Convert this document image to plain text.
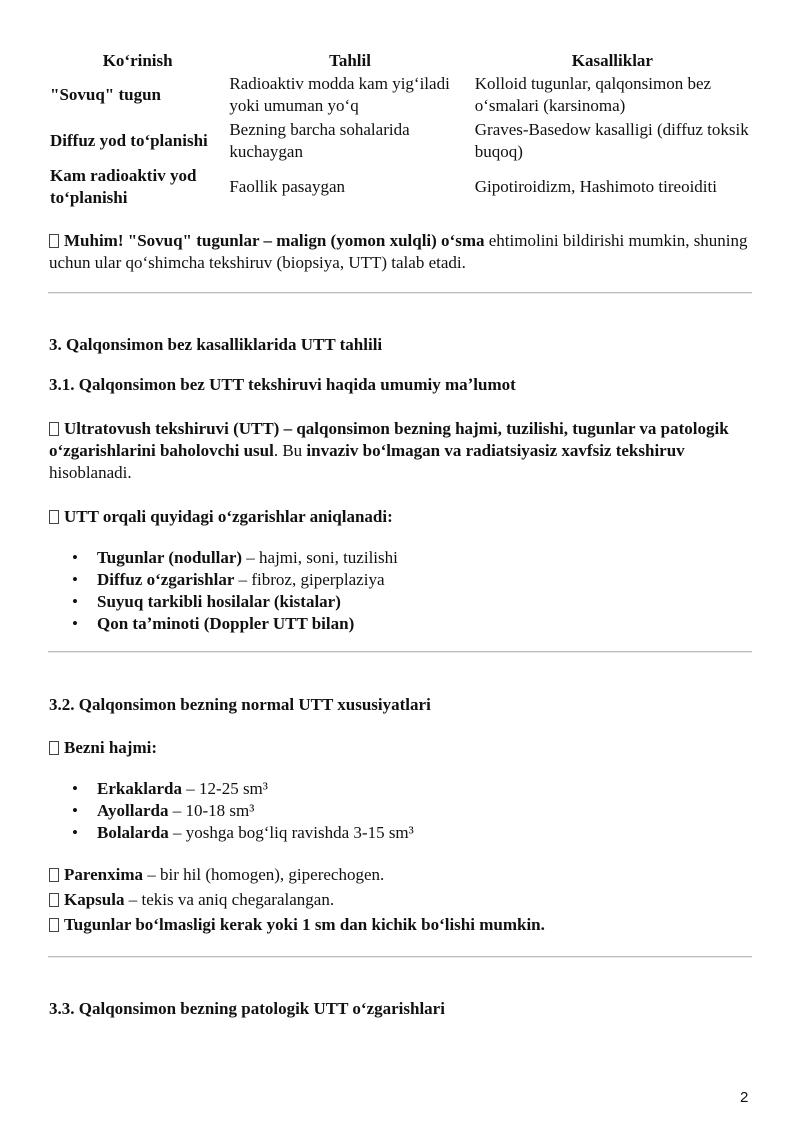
Koʻrinish	Tahlil	Kasalliklar
"Sovuq" tugun	Radioaktiv modda kam yigʻiladi yoki umuman yoʻq	Kolloid tugunlar, qalqonsimon bez oʻsmalari (karsinoma)
Diffuz yod toʻplanishi	Bezning barcha sohalarida kuchaygan	Graves-Basedow kasalligi (diffuz toksik buqoq)
Kam radioaktiv yod toʻplanishi	Faollik pasaygan	Gipotiroidizm, Hashimoto tireoiditi
Muhim! "Sovuq" tugunlar – malign (yomon xulqli) oʻsma ehtimolini bildirishi mumkin, shuning uchun ular qoʻshimcha tekshiruv (biopsiya, UTT) talab etadi.
3. Qalqonsimon bez kasalliklarida UTT tahlili
3.1. Qalqonsimon bez UTT tekshiruvi haqida umumiy maʼlumot
Ultratovush tekshiruvi (UTT) – qalqonsimon bezning hajmi, tuzilishi, tugunlar va patologik oʻzgarishlarini baholovchi usul. Bu invaziv boʻlmagan va radiatsiyasiz xavfsiz tekshiruv hisoblanadi.
UTT orqali quyidagi oʻzgarishlar aniqlanadi:
• Tugunlar (nodullar) – hajmi, soni, tuzilishi
• Diffuz oʻzgarishlar – fibroz, giperplaziya
• Suyuq tarkibli hosilalar (kistalar)
• Qon taʼminoti (Doppler UTT bilan)
3.2. Qalqonsimon bezning normal UTT xususiyatlari
Bezni hajmi:
• Erkaklarda – 12-25 sm³
• Ayollarda – 10-18 sm³
• Bolalarda – yoshga bogʻliq ravishda 3-15 sm³
Parenxima – bir hil (homogen), giperechogen.
Kapsula – tekis va aniq chegaralangan.
Tugunlar boʻlmasligi kerak yoki 1 sm dan kichik boʻlishi mumkin.
3.3. Qalqonsimon bezning patologik UTT oʻzgarishlari
2
